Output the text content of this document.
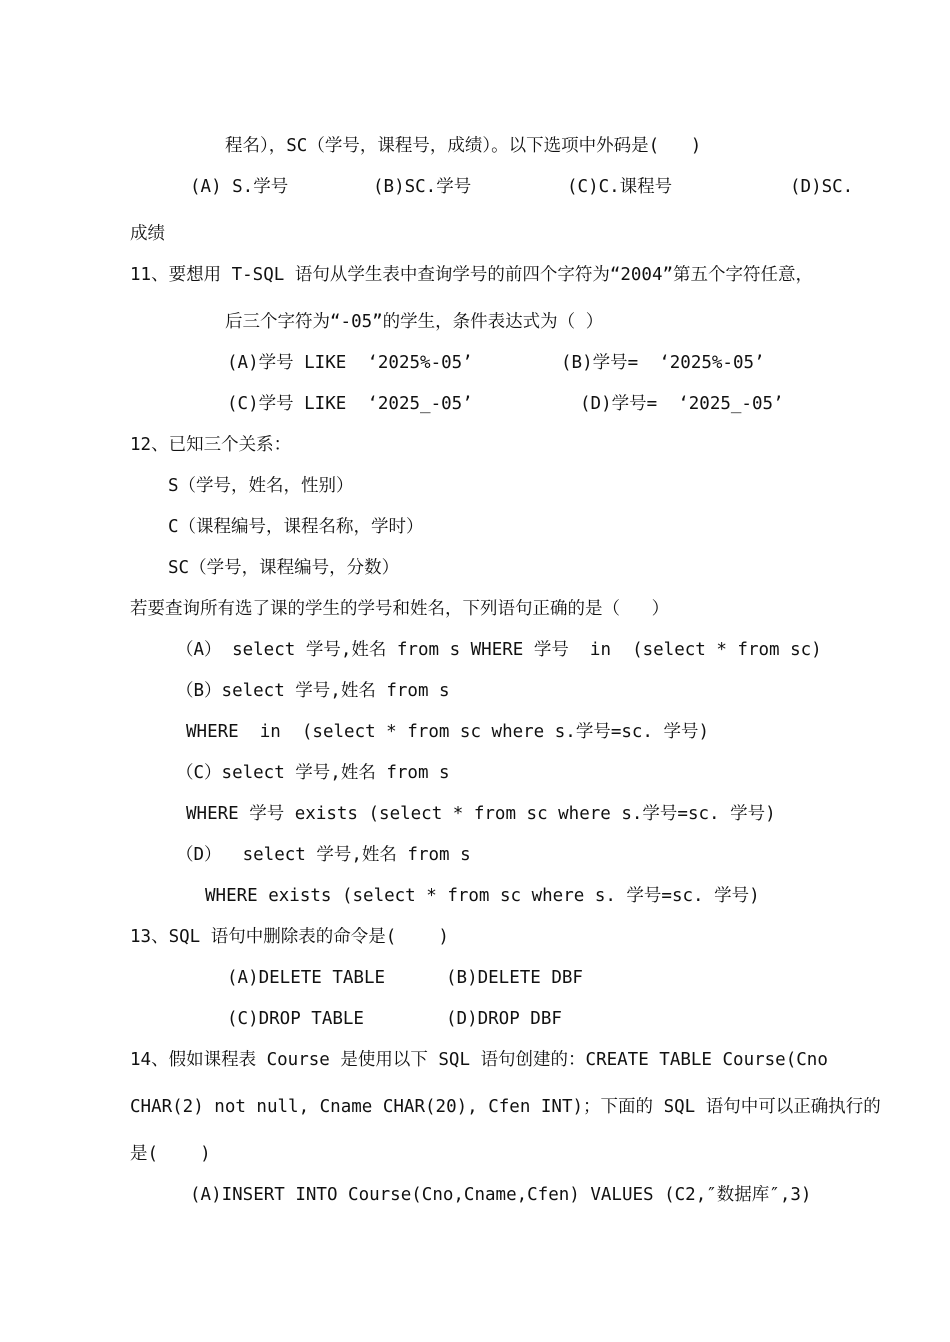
程名），SC（学号，课程号，成绩）。以下选项中外码是(   )

(A) S.学号	(B)SC.学号	(C)C.课程号	(D)SC.

成绩

11、要想用 T-SQL 语句从学生表中查询学号的前四个字符为“2004”第五个字符任意，

后三个字符为“-05”的学生，条件表达式为（ ）

(A)学号 LIKE  ‘2025%-05’	(B)学号=  ‘2025%-05’

(C)学号 LIKE  ‘2025_-05’	(D)学号=  ‘2025_-05’

12、已知三个关系：

S（学号，姓名，性别）

C（课程编号，课程名称，学时）

SC（学号，课程编号，分数）

若要查询所有选了课的学生的学号和姓名，下列语句正确的是（   ）

（A） select 学号,姓名 from s WHERE 学号  in  (select * from sc)

（B）select 学号,姓名 from s

WHERE  in  (select * from sc where s.学号=sc. 学号)

（C）select 学号,姓名 from s

WHERE 学号 exists (select * from sc where s.学号=sc. 学号)

（D）  select 学号,姓名 from s

WHERE exists (select * from sc where s. 学号=sc. 学号)

13、SQL 语句中删除表的命令是(    )

(A)DELETE TABLE	(B)DELETE DBF

(C)DROP TABLE	(D)DROP DBF

14、假如课程表 Course 是使用以下 SQL 语句创建的：CREATE TABLE Course(Cno

CHAR(2) not null, Cname CHAR(20), Cfen INT)；下面的 SQL 语句中可以正确执行的

是(    )

(A)INSERT INTO Course(Cno,Cname,Cfen) VALUES (C2,″数据库″,3)
